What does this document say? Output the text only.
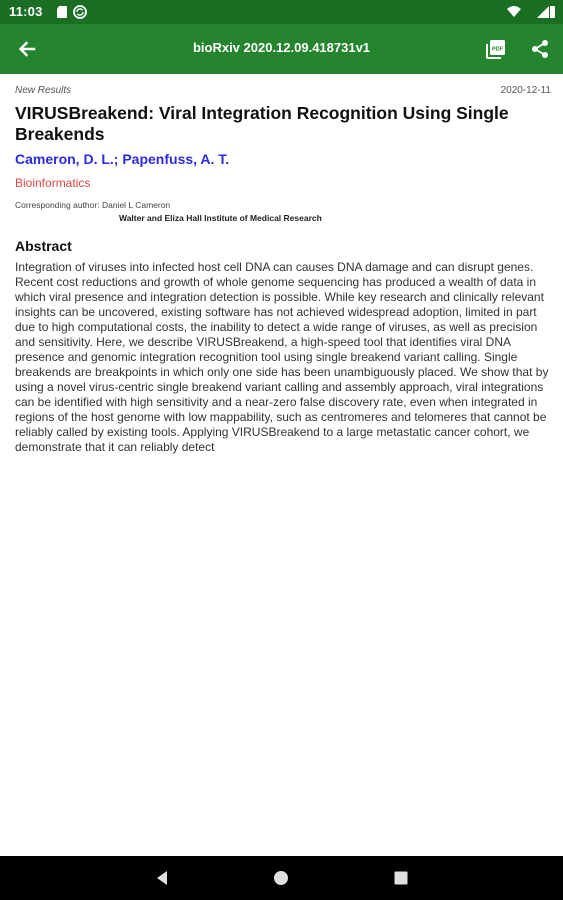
11:03
bioRxiv 2020.12.09.418731v1	PDF
New Results	2020-12-11
VIRUSBreakend: Viral Integration Recognition Using Single Breakends
Cameron, D. L.; Papenfuss, A. T.
Bioinformatics
Corresponding author: Daniel L Cameron
Walter and Eliza Hall Institute of Medical Research
Abstract
Integration of viruses into infected host cell DNA can causes DNA damage and can disrupt genes. Recent cost reductions and growth of whole genome sequencing has produced a wealth of data in which viral presence and integration detection is possible. While key research and clinically relevant insights can be uncovered, existing software has not achieved widespread adoption, limited in part due to high computational costs, the inability to detect a wide range of viruses, as well as precision and sensitivity. Here, we describe VIRUSBreakend, a high-speed tool that identifies viral DNA presence and genomic integration recognition tool using single breakend variant calling. Single breakends are breakpoints in which only one side has been unambiguously placed. We show that by using a novel virus-centric single breakend variant calling and assembly approach, viral integrations can be identified with high sensitivity and a near-zero false discovery rate, even when integrated in regions of the host genome with low mappability, such as centromeres and telomeres that cannot be reliably called by existing tools. Applying VIRUSBreakend to a large metastatic cancer cohort, we demonstrate that it can reliably detect
